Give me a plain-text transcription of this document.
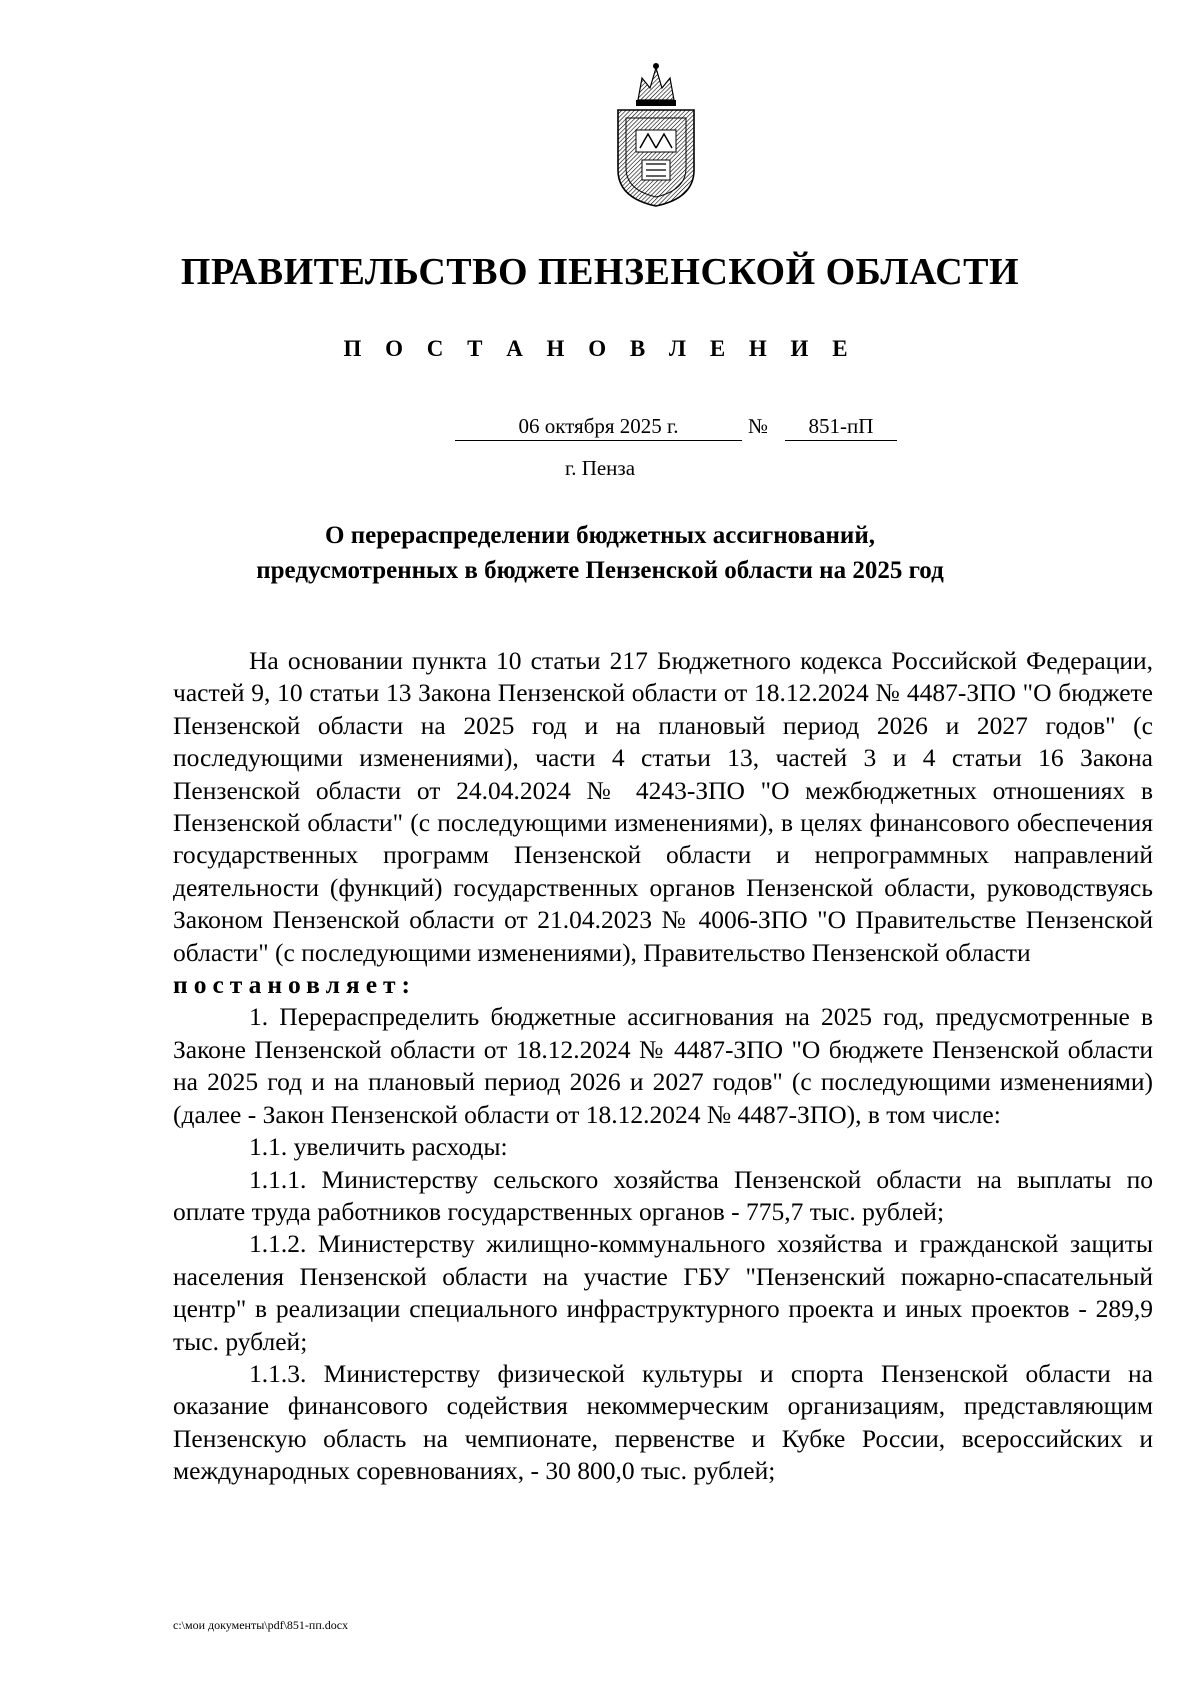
ПРАВИТЕЛЬСТВО ПЕНЗЕНСКОЙ ОБЛАСТИ
П О С Т А Н О В Л Е Н И Е
06 октября 2025 г.	№	851-пП
г. Пенза
О перераспределении бюджетных ассигнований,
предусмотренных в бюджете Пензенской области на 2025 год

На основании пункта 10 статьи 217 Бюджетного кодекса Российской Федерации, частей 9, 10 статьи 13 Закона Пензенской области от 18.12.2024 № 4487-ЗПО "О бюджете Пензенской области на 2025 год и на плановый период 2026 и 2027 годов" (с последующими изменениями), части 4 статьи 13, частей 3 и 4 статьи 16 Закона Пензенской области от 24.04.2024 № 4243-ЗПО "О межбюджетных отношениях в Пензенской области" (с последующими изменениями), в целях финансового обеспечения государственных программ Пензенской области и непрограммных направлений деятельности (функций) государственных органов Пензенской области, руководствуясь Законом Пензенской области от 21.04.2023 № 4006-ЗПО "О Правительстве Пензенской области" (с последующими изменениями), Правительство Пензенской области

постановляет:

1. Перераспределить бюджетные ассигнования на 2025 год, предусмотренные в Законе Пензенской области от 18.12.2024 № 4487-ЗПО "О бюджете Пензенской области на 2025 год и на плановый период 2026 и 2027 годов" (с последующими изменениями) (далее - Закон Пензенской области от 18.12.2024 № 4487-ЗПО), в том числе:

1.1. увеличить расходы:

1.1.1. Министерству сельского хозяйства Пензенской области на выплаты по оплате труда работников государственных органов - 775,7 тыс. рублей;

1.1.2. Министерству жилищно-коммунального хозяйства и гражданской защиты населения Пензенской области на участие ГБУ "Пензенский пожарно-спасательный центр" в реализации специального инфраструктурного проекта и иных проектов - 289,9 тыс. рублей;

1.1.3. Министерству физической культуры и спорта Пензенской области на оказание финансового содействия некоммерческим организациям, представляющим Пензенскую область на чемпионате, первенстве и Кубке России, всероссийских и международных соревнованиях, - 30 800,0 тыс. рублей;

c:\мои документы\pdf\851-пп.docx
